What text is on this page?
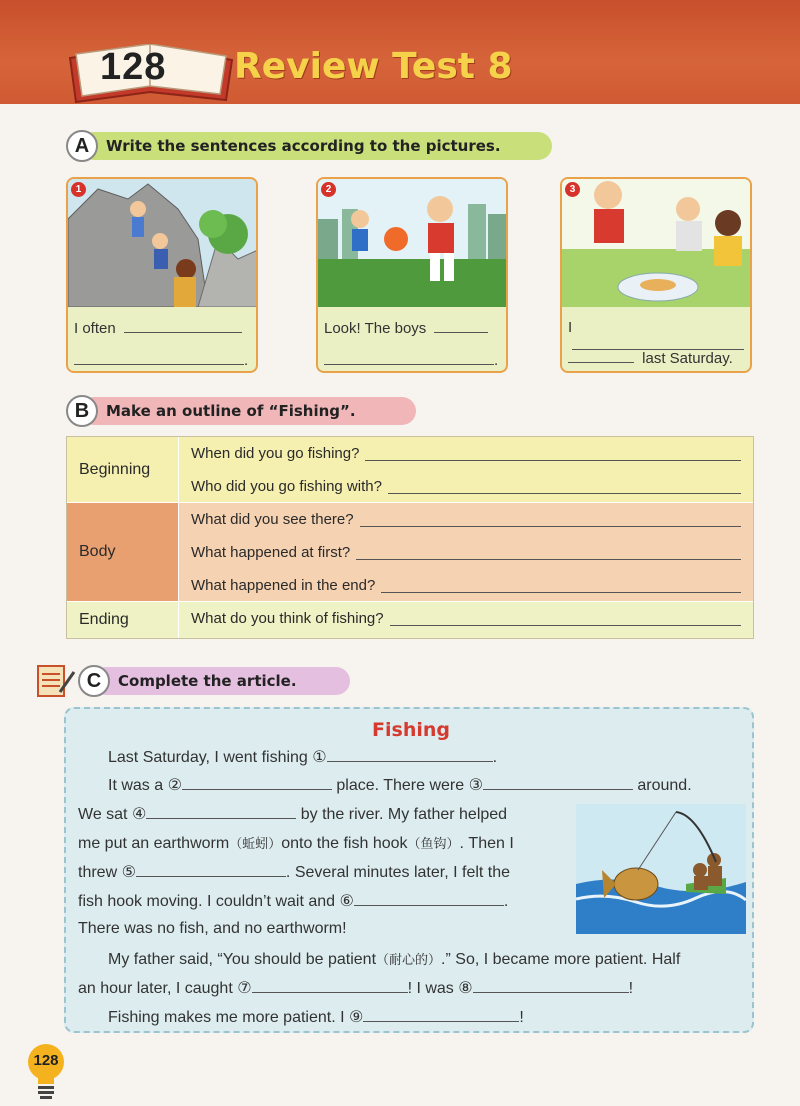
128 Review Test 8
A	Write the sentences according to the pictures.
1
I often
.
2
Look! The boys
.
3
I
last Saturday.
B	Make an outline of “Fishing”.
Beginning
When did you go fishing?
Who did you go fishing with?
Body
What did you see there?
What happened at first?
What happened in the end?
Ending	What do you think of fishing?
C	Complete the article.
Fishing
Last Saturday, I went fishing ①	.
It was a ②	place. There were ③	around.
We sat ④	by the river. My father helped
me put an earthworm（蚯蚓）onto the fish hook（鱼钩）. Then I
threw ⑤	. Several minutes later, I felt the
fish hook moving. I couldn’t wait and ⑥	.
There was no fish, and no earthworm!
My father said, “You should be patient（耐心的）.” So, I became more patient. Half
an hour later, I caught ⑦	! I was ⑧	!
Fishing makes me more patient. I ⑨	!
128
